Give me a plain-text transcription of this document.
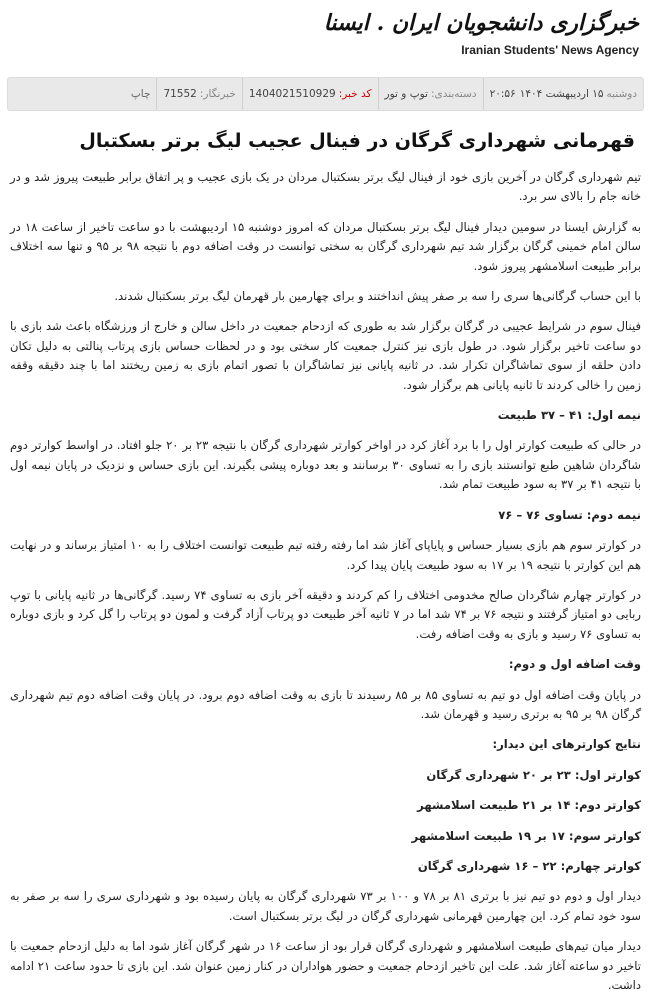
خبرگزاری دانشجویان ایران . ایسنا
Iranian Students' News Agency
دوشنبه
۱۵ اردیبهشت ۱۴۰۴
۲۰:۵۶
دسته‌بندی:
توپ و تور
کد خبر:
1404021510929
خبرنگار:
71552
چاپ
قهرمانی شهرداری گرگان در فینال عجیب لیگ برتر بسکتبال

تیم شهرداری گرگان در آخرین بازی خود از فینال لیگ برتر بسکتبال مردان در یک بازی عجیب و پر اتفاق برابر طبیعت پیروز شد و در خانه جام را بالای سر برد.

به گزارش ایسنا در سومین دیدار فینال لیگ برتر بسکتبال مردان که امروز دوشنبه ۱۵ اردیبهشت با دو ساعت تاخیر از ساعت ۱۸ در سالن امام خمینی گرگان برگزار شد تیم شهرداری گرگان به سختی توانست در وقت اضافه دوم با نتیجه ۹۸ بر ۹۵ و تنها سه اختلاف برابر طبیعت اسلامشهر پیروز شود.

با این حساب گرگانی‌ها سری را سه بر صفر پیش انداختند و برای چهارمین بار قهرمان لیگ برتر بسکتبال شدند.

فینال سوم در شرایط عجیبی در گرگان برگزار شد به طوری که ازدحام جمعیت در داخل سالن و خارج از ورزشگاه باعث شد بازی با دو ساعت تاخیر برگزار شود. در طول بازی نیز کنترل جمعیت کار سختی بود و در لحظات حساس بازی پرتاب پنالتی به دلیل تکان دادن حلقه از سوی تماشاگران تکرار شد. در ثانیه پایانی نیز تماشاگران با تصور اتمام بازی به زمین ریختند اما با چند دقیقه وقفه زمین را خالی کردند تا ثانیه پایانی هم برگزار شود.

نیمه اول: ۴۱ – ۳۷ طبیعت

در حالی که طبیعت کوارتر اول را با برد آغاز کرد در اواخر کوارتر شهرداری گرگان با نتیجه ۲۳ بر ۲۰ جلو افتاد. در اواسط کوارتر دوم شاگردان شاهین طبع توانستند بازی را به تساوی ۳۰ برسانند و بعد دوباره پیشی بگیرند. این بازی حساس و نزدیک در پایان نیمه اول با نتیجه ۴۱ بر ۳۷ به سود طبیعت تمام شد.

نیمه دوم: تساوی ۷۶ – ۷۶

در کوارتر سوم هم بازی بسیار حساس و پایاپای آغاز شد اما رفته رفته تیم طبیعت توانست اختلاف را به ۱۰ امتیاز برساند و در نهایت هم این کوارتر با نتیجه ۱۹ بر ۱۷ به سود طبیعت پایان پیدا کرد.

در کوارتر چهارم شاگردان صالح مخدومی اختلاف را کم کردند و دقیقه آخر بازی به تساوی ۷۴ رسید. گرگانی‌ها در ثانیه پایانی با توپ ربایی دو امتیاز گرفتند و نتیجه ۷۶ بر ۷۴ شد اما در ۷ ثانیه آخر طبیعت دو پرتاب آزاد گرفت و لمون دو پرتاب را گل کرد و بازی دوباره به تساوی ۷۶ رسید و بازی به وقت اضافه رفت.

وقت اضافه اول و دوم:

در پایان وقت اضافه اول دو تیم به تساوی ۸۵ بر ۸۵ رسیدند تا بازی به وقت اضافه دوم برود. در پایان وقت اضافه دوم تیم شهرداری گرگان ۹۸ بر ۹۵ به برتری رسید و قهرمان شد.

نتایج کوارترهای این دیدار:

کوارتر اول: ۲۳ بر ۲۰ شهرداری گرگان

کوارتر دوم: ۱۴ بر ۲۱ طبیعت اسلامشهر

کوارتر سوم: ۱۷ بر ۱۹ طبیعت اسلامشهر

کوارتر چهارم: ۲۲ – ۱۶ شهرداری گرگان

دیدار اول و دوم دو تیم نیز با برتری ۸۱ بر ۷۸ و ۱۰۰ بر ۷۳ شهرداری گرگان به پایان رسیده بود و شهرداری سری را سه بر صفر به سود خود تمام کرد. این چهارمین قهرمانی شهرداری گرگان در لیگ برتر بسکتبال است.

دیدار میان تیم‌های طبیعت اسلامشهر و شهرداری گرگان قرار بود از ساعت ۱۶ در شهر گرگان آغاز شود اما به دلیل ازدحام جمعیت با تاخیر دو ساعته آغاز شد. علت این تاخیر ازدحام جمعیت و حضور هواداران در کنار زمین عنوان شد. این بازی تا حدود ساعت ۲۱ ادامه داشت.
